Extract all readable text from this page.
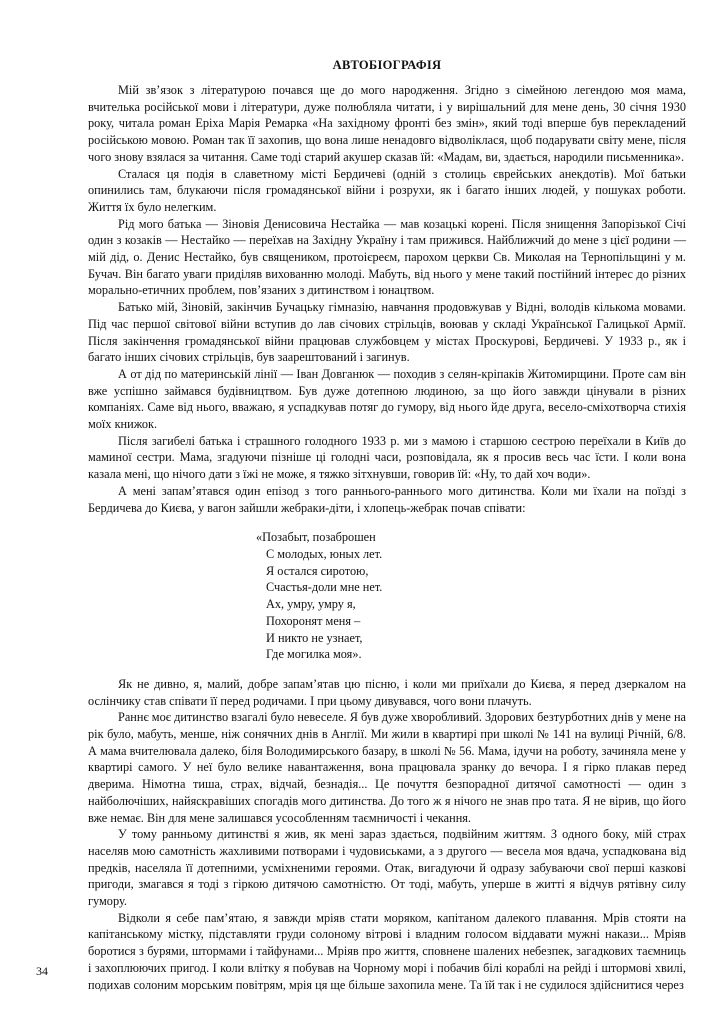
АВТОБІОГРАФІЯ

Мій зв’язок з літературою почався ще до мого народження. Згідно з сімейною легендою моя мама, вчителька російської мови і літератури, дуже полюбляла читати, і у вирішальний для мене день, 30 січня 1930 року, читала роман Еріха Марія Ремарка «На західному фронті без змін», який тоді вперше був перекладений російською мовою. Роман так її захопив, що вона лише ненадовго відволіклася, щоб подарувати світу мене, після чого знову взялася за читання. Саме тоді старий акушер сказав їй: «Мадам, ви, здається, народили письменника».

Сталася ця подія в славетному місті Бердичеві (одній з столиць єврейських анекдотів). Мої батьки опинились там, блукаючи після громадянської війни і розрухи, як і багато інших людей, у пошуках роботи. Життя їх було нелегким.

Рід мого батька — Зіновія Денисовича Нестайка — мав козацькі корені. Після знищення Запорізької Січі один з козаків — Нестайко — переїхав на Західну Україну і там прижився. Найближчий до мене з цієї родини — мій дід, о. Денис Нестайко, був священиком, протоієреєм, парохом церкви Св. Миколая на Тернопільщині у м. Бучач. Він багато уваги приділяв вихованню молоді. Мабуть, від нього у мене такий постійний інтерес до різних морально-етичних проблем, пов’язаних з дитинством і юнацтвом.

Батько мій, Зіновій, закінчив Бучацьку гімназію, навчання продовжував у Відні, володів кількома мовами. Під час першої світової війни вступив до лав січових стрільців, воював у складі Української Галицької Армії. Після закінчення громадянської війни працював службовцем у містах Проскурові, Бердичеві. У 1933 р., як і багато інших січових стрільців, був заарештований і загинув.

А от дід по материнській лінії — Іван Довганюк — походив з селян-кріпаків Житомирщини. Проте сам він вже успішно займався будівництвом. Був дуже дотепною людиною, за що його завжди цінували в різних компаніях. Саме від нього, вважаю, я успадкував потяг до гумору, від нього йде друга, весело-сміхотворча стихія моїх книжок.

Після загибелі батька і страшного голодного 1933 р. ми з мамою і старшою сестрою переїхали в Київ до маминої сестри. Мама, згадуючи пізніше ці голодні часи, розповідала, як я просив весь час їсти. І коли вона казала мені, що нічого дати з їжі не може, я тяжко зітхнувши, говорив їй: «Ну, то дай хоч води».

А мені запам’ятався один епізод з того раннього-раннього мого дитинства. Коли ми їхали на поїзді з Бердичева до Києва, у вагон зайшли жебраки-діти, і хлопець-жебрак почав співати:

«Позабыт, позаброшен
С молодых, юных лет.
Я остался сиротою,
Счастья-доли мне нет.
Ах, умру, умру я,
Похоронят меня –
И никто не узнает,
Где могилка моя».

Як не дивно, я, малий, добре запам’ятав цю пісню, і коли ми приїхали до Києва, я перед дзеркалом на ослінчику став співати її перед родичами. І при цьому дивувався, чого вони плачуть.

Раннє моє дитинство взагалі було невеселе. Я був дуже хворобливий. Здорових безтурботних днів у мене на рік було, мабуть, менше, ніж сонячних днів в Англії. Ми жили в квартирі при школі № 141 на вулиці Річній, 6/8. А мама вчителювала далеко, біля Володимирського базару, в школі № 56. Мама, ідучи на роботу, зачиняла мене у квартирі самого. У неї було велике навантаження, вона працювала зранку до вечора. І я гірко плакав перед дверима. Німотна тиша, страх, відчай, безнадія... Це почуття безпорадної дитячої самотності — один з найболючіших, найяскравіших спогадів мого дитинства. До того ж я нічого не знав про тата. Я не вірив, що його вже немає. Він для мене залишався усособленням таємничості і чекання.

У тому ранньому дитинстві я жив, як мені зараз здається, подвійним життям. З одного боку, мій страх населяв мою самотність жахливими потворами і чудовиськами, а з другого — весела моя вдача, успадкована від предків, населяла її дотепними, усміхненими героями. Отак, вигадуючи й одразу забуваючи свої перші казкові пригоди, змагався я тоді з гіркою дитячою самотністю. От тоді, мабуть, уперше в житті я відчув рятівну силу гумору.

Відколи я себе пам’ятаю, я завжди мріяв стати моряком, капітаном далекого плавання. Мрів стояти на капітанському містку, підставляти груди солоному вітрові і владним голосом віддавати мужні накази... Мріяв боротися з бурями, штормами і тайфунами... Мріяв про життя, сповнене шалених небезпек, загадкових таємниць і захоплюючих пригод. І коли влітку я побував на Чорному морі і побачив білі кораблі на рейді і штормові хвилі, подихав солоним морським повітрям, мрія ця ще більше захопила мене. Та їй так і не судилося здійснитися через

34
